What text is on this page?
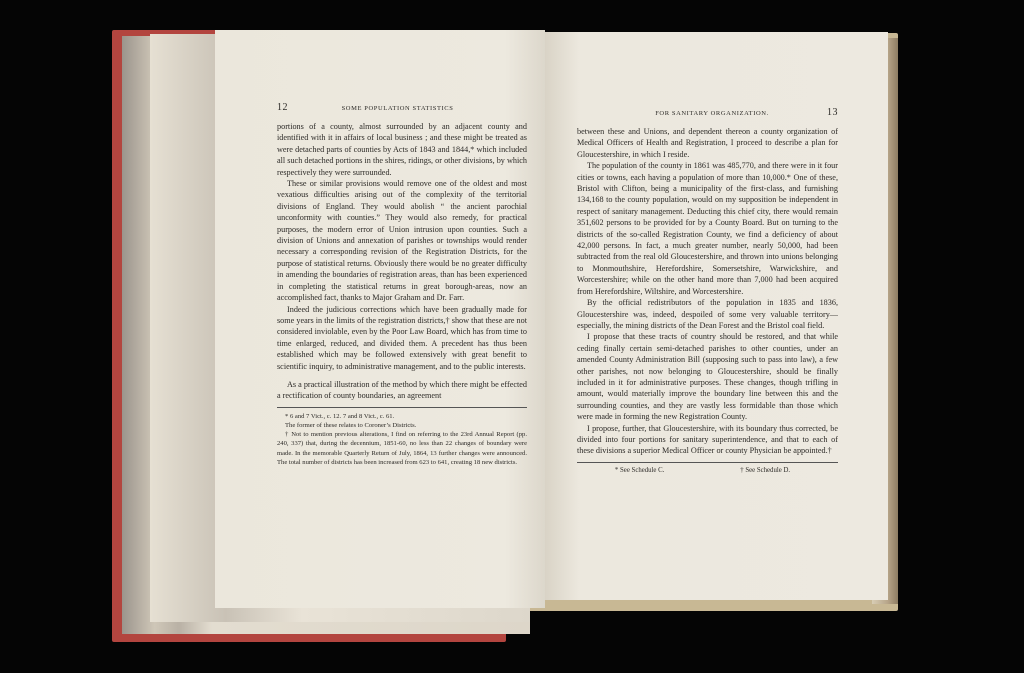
12	SOME POPULATION STATISTICS

portions of a county, almost surrounded by an adjacent county and identified with it in affairs of local business ; and these might be treated as were detached parts of counties by Acts of 1843 and 1844,* which included all such detached portions in the shires, ridings, or other divisions, by which respectively they were surrounded.

These or similar provisions would remove one of the oldest and most vexatious difficulties arising out of the complexity of the territorial divisions of England. They would abolish “ the ancient parochial unconformity with counties.” They would also remedy, for practical purposes, the modern error of Union intrusion upon counties. Such a division of Unions and annexation of parishes or townships would render necessary a corresponding revision of the Registration Districts, for the purpose of statistical returns. Obviously there would be no greater difficulty in amending the boundaries of registration areas, than has been experienced in completing the statistical returns in great borough-areas, now an accomplished fact, thanks to Major Graham and Dr. Farr.

Indeed the judicious corrections which have been gradually made for some years in the limits of the registration districts,† show that these are not considered inviolable, even by the Poor Law Board, which has from time to time enlarged, reduced, and divided them. A precedent has thus been established which may be followed extensively with great benefit to scientific inquiry, to administrative management, and to the public interests.

As a practical illustration of the method by which there might be effected a rectification of county boundaries, an agreement

* 6 and 7 Vict., c. 12. 7 and 8 Vict., c. 61.

The former of these relates to Coroner’s Districts.

† Not to mention previous alterations, I find on referring to the 23rd Annual Report (pp. 240, 337) that, during the decennium, 1851-60, no less than 22 changes of boundary were made. In the memorable Quarterly Return of July, 1864, 13 further changes were announced. The total number of districts has been increased from 623 to 641, creating 18 new districts.

FOR SANITARY ORGANIZATION.	13

between these and Unions, and dependent thereon a county organization of Medical Officers of Health and Registration, I proceed to describe a plan for Gloucestershire, in which I reside.

The population of the county in 1861 was 485,770, and there were in it four cities or towns, each having a population of more than 10,000.* One of these, Bristol with Clifton, being a municipality of the first-class, and furnishing 134,168 to the county population, would on my supposition be independent in respect of sanitary management. Deducting this chief city, there would remain 351,602 persons to be provided for by a County Board. But on turning to the districts of the so-called Registration County, we find a deficiency of about 42,000 persons. In fact, a much greater number, nearly 50,000, had been subtracted from the real old Gloucestershire, and thrown into unions belonging to Monmouthshire, Herefordshire, Somersetshire, Warwickshire, and Worcestershire; while on the other hand more than 7,000 had been acquired from Herefordshire, Wiltshire, and Worcestershire.

By the official redistributors of the population in 1835 and 1836, Gloucestershire was, indeed, despoiled of some very valuable territory—especially, the mining districts of the Dean Forest and the Bristol coal field.

I propose that these tracts of country should be restored, and that while ceding finally certain semi-detached parishes to other counties, under an amended County Administration Bill (supposing such to pass into law), a few other parishes, not now belonging to Gloucestershire, should be finally included in it for administrative purposes. These changes, though trifling in amount, would materially improve the boundary line between this and the surrounding counties, and they are vastly less formidable than those which were made in forming the new Registration County.

I propose, further, that Gloucestershire, with its boundary thus corrected, be divided into four portions for sanitary superintendence, and that to each of these divisions a superior Medical Officer or county Physician be appointed.†

* See Schedule C.	† See Schedule D.
